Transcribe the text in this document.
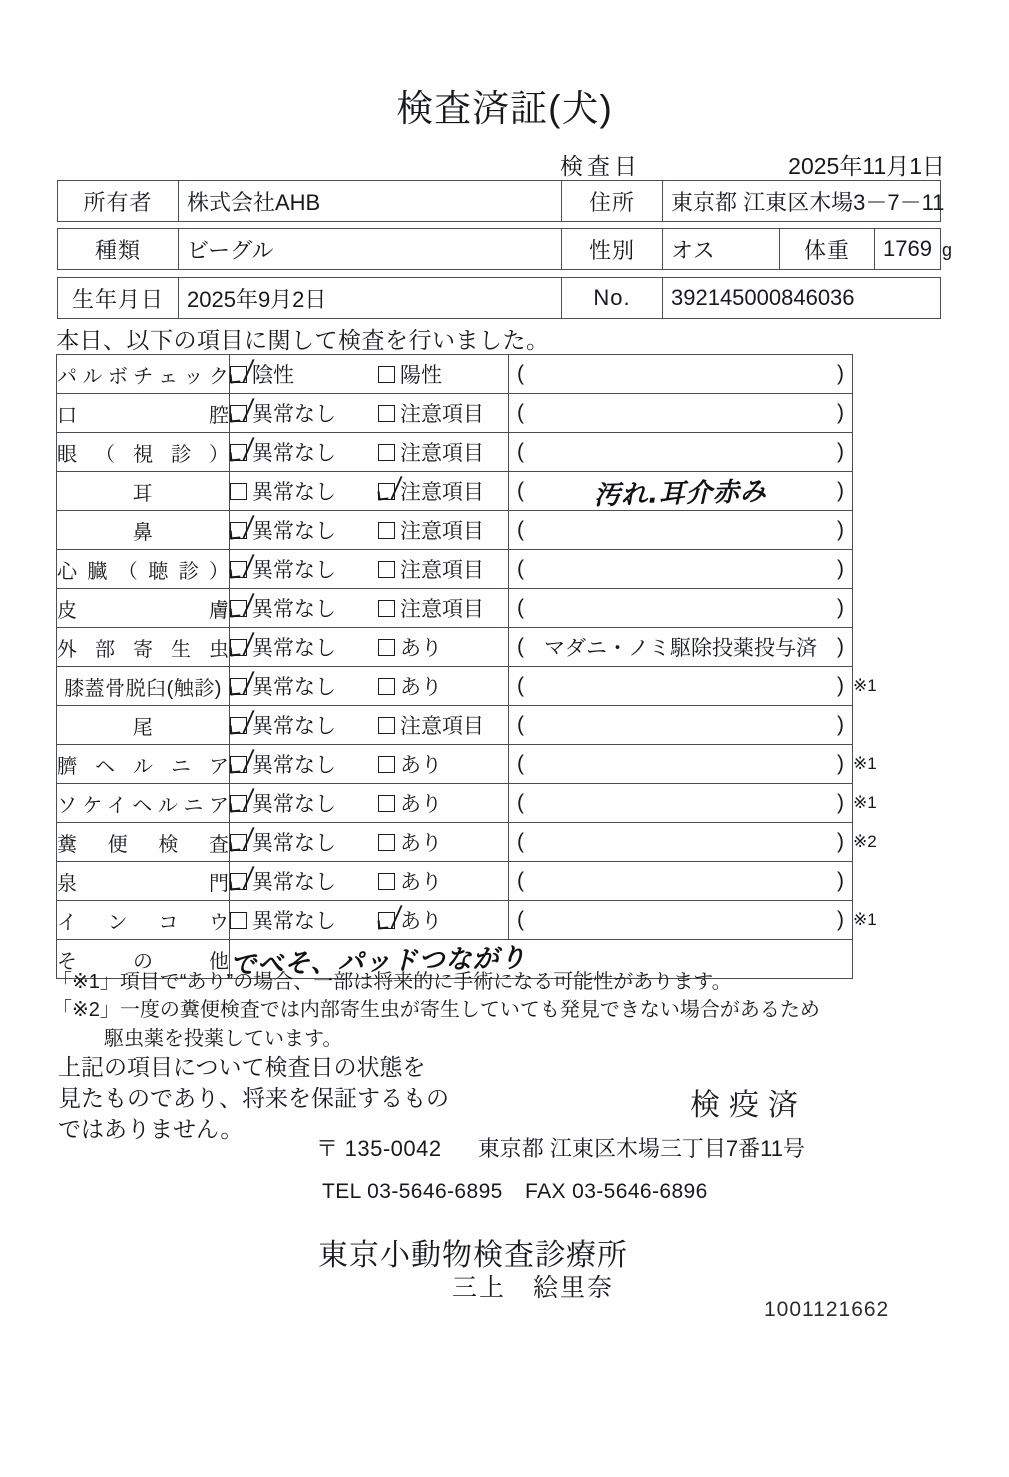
検査済証(犬)
検査日	2025年11月1日
所有者	株式会社AHB	住所	東京都 江東区木場3－7－11
種類	ビーグル	性別	オス	体重	1769 g
生年月日	2025年9月2日	No.	392145000846036
本日、以下の項目に関して検査を行いました。
パルボチェック	陰性 陽性	( )	

口　　　腔	異常なし 注意項目	( )	

眼（視診）	異常なし 注意項目	( )	

耳	異常なし 注意項目	( 汚れ.耳介赤み )	

鼻	異常なし 注意項目	( )	

心臓（聴診）	異常なし 注意項目	( )	

皮　　　膚	異常なし 注意項目	( )	

外部寄生虫	異常なし あり	( マダニ・ノミ駆除投薬投与済 )	

膝蓋骨脱臼(触診)	異常なし あり	( )	※1
尾	異常なし 注意項目	( )	

臍ヘルニア	異常なし あり	( )	※1
ソケイヘルニア	異常なし あり	( )	※1
糞便検査	異常なし あり	( )	※2
泉　　　門	異常なし あり	( )	

インコウ	異常なし あり	( )	※1
そ　の　他	でべそ、パッドつながり		
「※1」項目で“あり”の場合、一部は将来的に手術になる可能性があります。
「※2」一度の糞便検査では内部寄生虫が寄生していても発見できない場合があるため
駆虫薬を投薬しています。
上記の項目について検査日の状態を
見たものであり、将来を保証するもの
ではありません。
検疫済
〒 135-0042 東京都 江東区木場三丁目7番11号
TEL 03-5646-6895 FAX 03-5646-6896
東京小動物検査診療所
三上　絵里奈
1001121662
